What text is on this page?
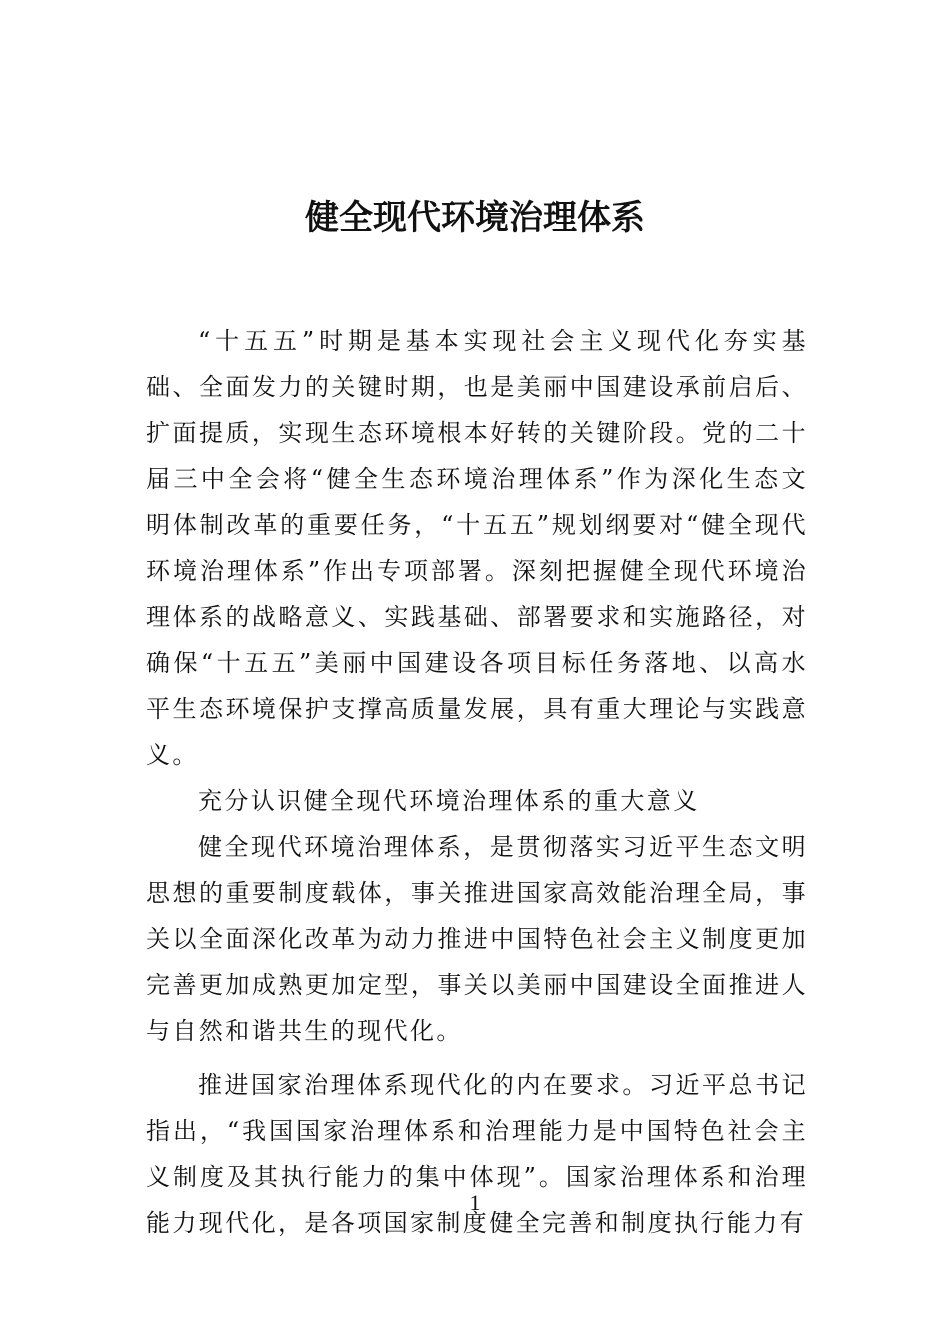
健全现代环境治理体系

“十五五”时期是基本实现社会主义现代化夯实基础、全面发力的关键时期，也是美丽中国建设承前启后、扩面提质，实现生态环境根本好转的关键阶段。党的二十届三中全会将“健全生态环境治理体系”作为深化生态文明体制改革的重要任务，“十五五”规划纲要对“健全现代环境治理体系”作出专项部署。深刻把握健全现代环境治理体系的战略意义、实践基础、部署要求和实施路径，对确保“十五五”美丽中国建设各项目标任务落地、以高水平生态环境保护支撑高质量发展，具有重大理论与实践意义。

充分认识健全现代环境治理体系的重大意义

健全现代环境治理体系，是贯彻落实习近平生态文明思想的重要制度载体，事关推进国家高效能治理全局，事关以全面深化改革为动力推进中国特色社会主义制度更加完善更加成熟更加定型，事关以美丽中国建设全面推进人与自然和谐共生的现代化。

推进国家治理体系现代化的内在要求。习近平总书记指出，“我国国家治理体系和治理能力是中国特色社会主义制度及其执行能力的集中体现”。国家治理体系和治理能力现代化，是各项国家制度健全完善和制度执行能力有

1
